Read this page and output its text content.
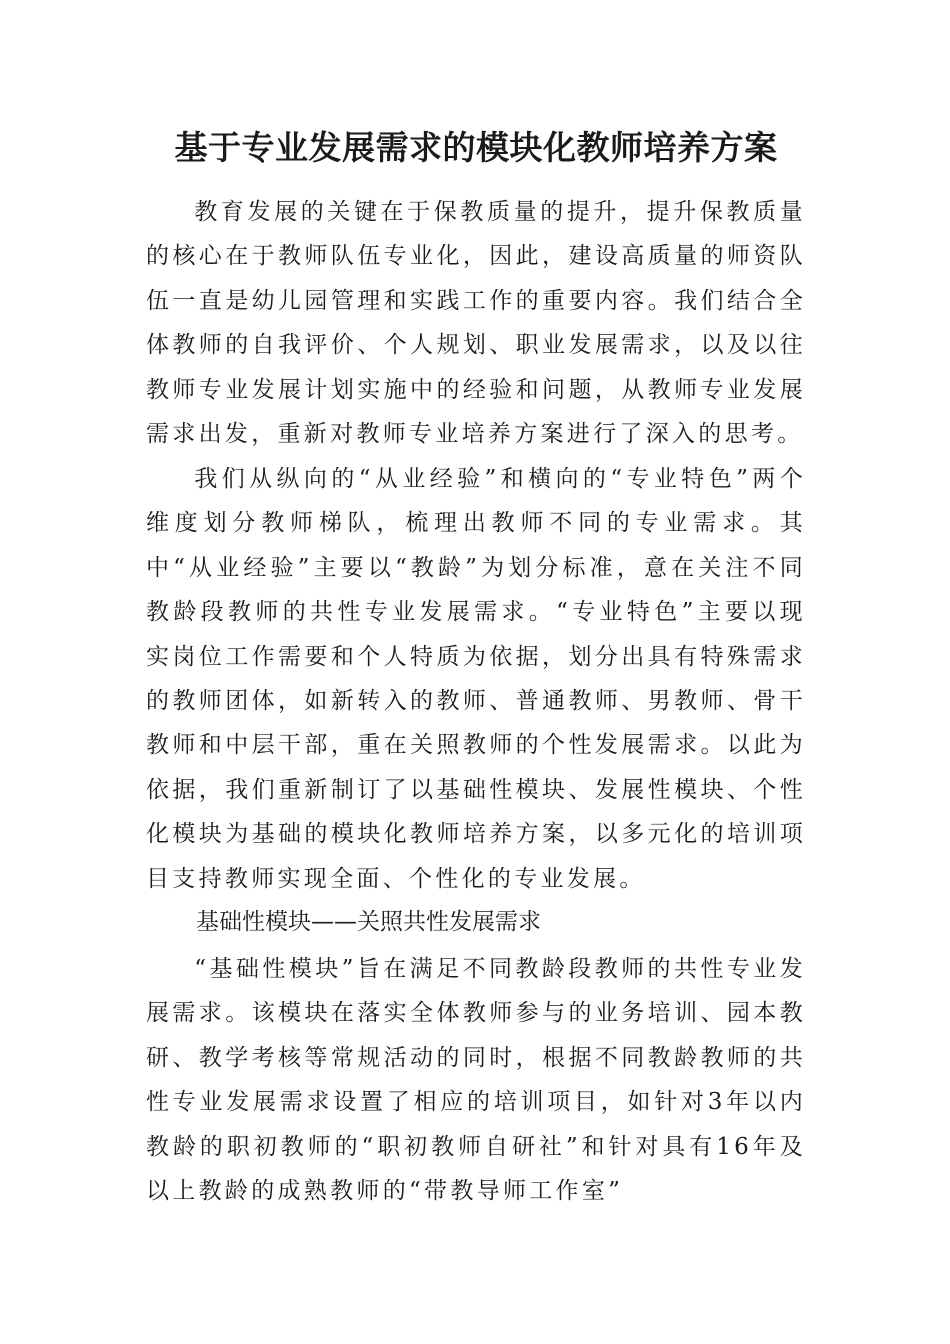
基于专业发展需求的模块化教师培养方案

教育发展的关键在于保教质量的提升，提升保教质量的核心在于教师队伍专业化，因此，建设高质量的师资队伍一直是幼儿园管理和实践工作的重要内容。我们结合全体教师的自我评价、个人规划、职业发展需求，以及以往教师专业发展计划实施中的经验和问题，从教师专业发展需求出发，重新对教师专业培养方案进行了深入的思考。

我们从纵向的“从业经验”和横向的“专业特色”两个维度划分教师梯队，梳理出教师不同的专业需求。其中“从业经验”主要以“教龄”为划分标准，意在关注不同教龄段教师的共性专业发展需求。“专业特色”主要以现实岗位工作需要和个人特质为依据，划分出具有特殊需求的教师团体，如新转入的教师、普通教师、男教师、骨干教师和中层干部，重在关照教师的个性发展需求。以此为依据，我们重新制订了以基础性模块、发展性模块、个性化模块为基础的模块化教师培养方案，以多元化的培训项目支持教师实现全面、个性化的专业发展。

基础性模块——关照共性发展需求

“基础性模块”旨在满足不同教龄段教师的共性专业发展需求。该模块在落实全体教师参与的业务培训、园本教研、教学考核等常规活动的同时，根据不同教龄教师的共性专业发展需求设置了相应的培训项目，如针对3年以内教龄的职初教师的“职初教师自研社”和针对具有16年及以上教龄的成熟教师的“带教导师工作室”
